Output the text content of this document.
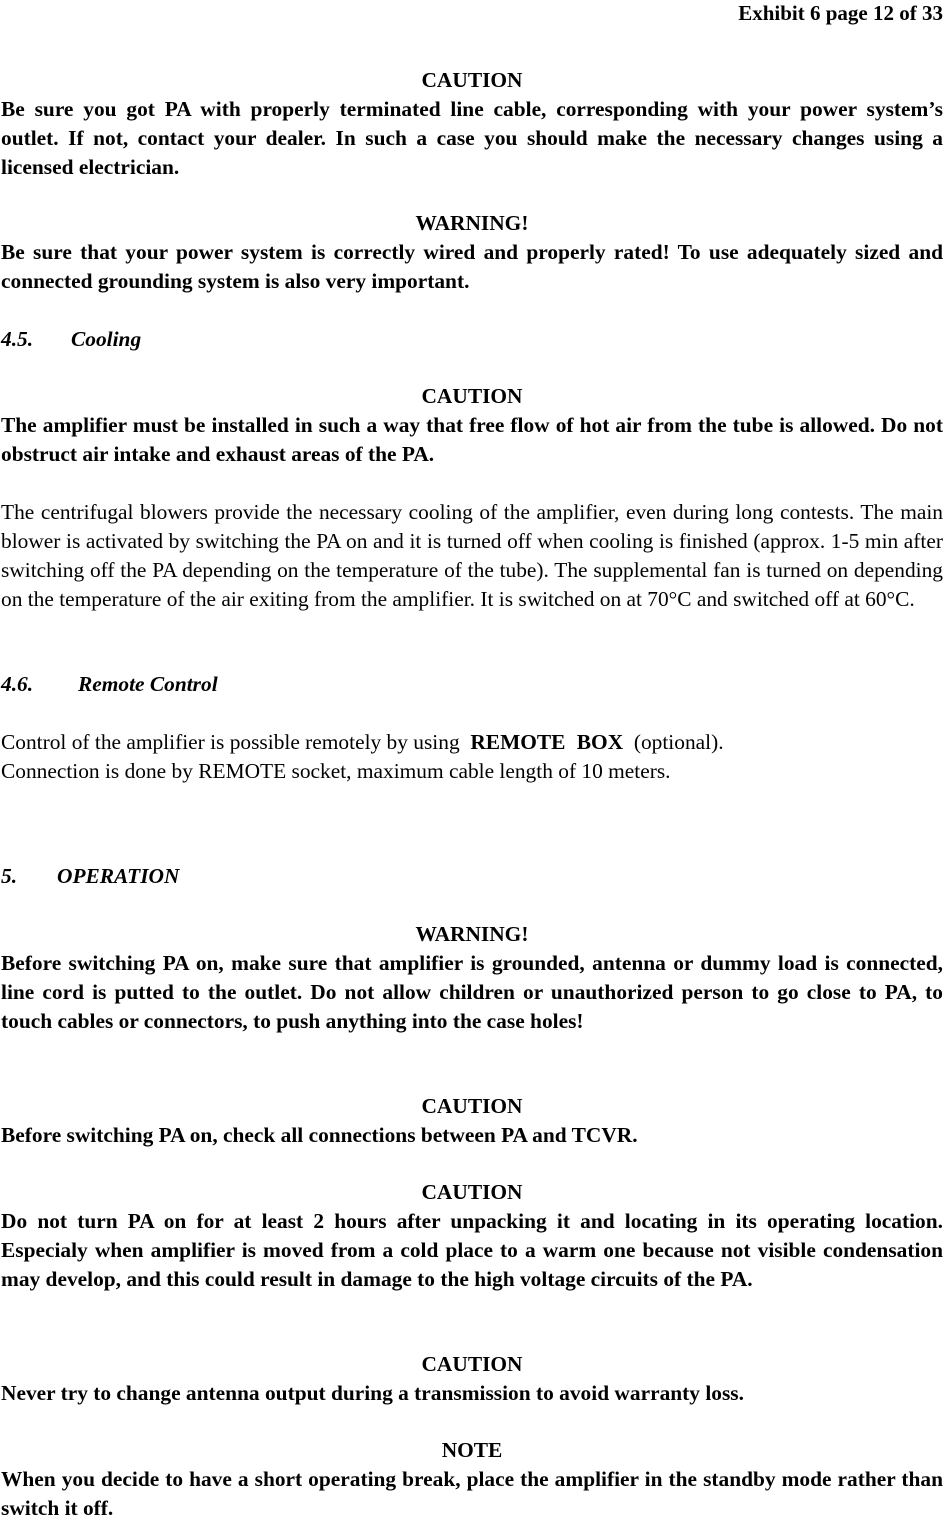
Exhibit 6 page 12 of 33
CAUTION
Be sure you got PA with properly terminated line cable, corresponding with your power system’s outlet. If not, contact your dealer. In such a case you should make the necessary changes using a licensed electrician.
WARNING!
Be sure that your power system is correctly wired and properly rated! To use adequately sized and connected grounding system is also very important.
4.5. Cooling
CAUTION
The amplifier must be installed in such a way that free flow of hot air from the tube is allowed. Do not obstruct air intake and exhaust areas of the PA.
The centrifugal blowers provide the necessary cooling of the amplifier, even during long contests. The main blower is activated by switching the PA on and it is turned off when cooling is finished (approx. 1-5 min after switching off the PA depending on the temperature of the tube). The supplemental fan is turned on depending on the temperature of the air exiting from the amplifier. It is switched on at 70°C and switched off at 60°C.
4.6. Remote Control
Control of the amplifier is possible remotely by using REMOTE BOX (optional).
Connection is done by REMOTE socket, maximum cable length of 10 meters.
5. OPERATION
WARNING!
Before switching PA on, make sure that amplifier is grounded, antenna or dummy load is connected, line cord is putted to the outlet. Do not allow children or unauthorized person to go close to PA, to touch cables or connectors, to push anything into the case holes!
CAUTION
Before switching PA on, check all connections between PA and TCVR.
CAUTION
Do not turn PA on for at least 2 hours after unpacking it and locating in its operating location. Especialy when amplifier is moved from a cold place to a warm one because not visible condensation may develop, and this could result in damage to the high voltage circuits of the PA.
CAUTION
Never try to change antenna output during a transmission to avoid warranty loss.
NOTE
When you decide to have a short operating break, place the amplifier in the standby mode rather than switch it off.
